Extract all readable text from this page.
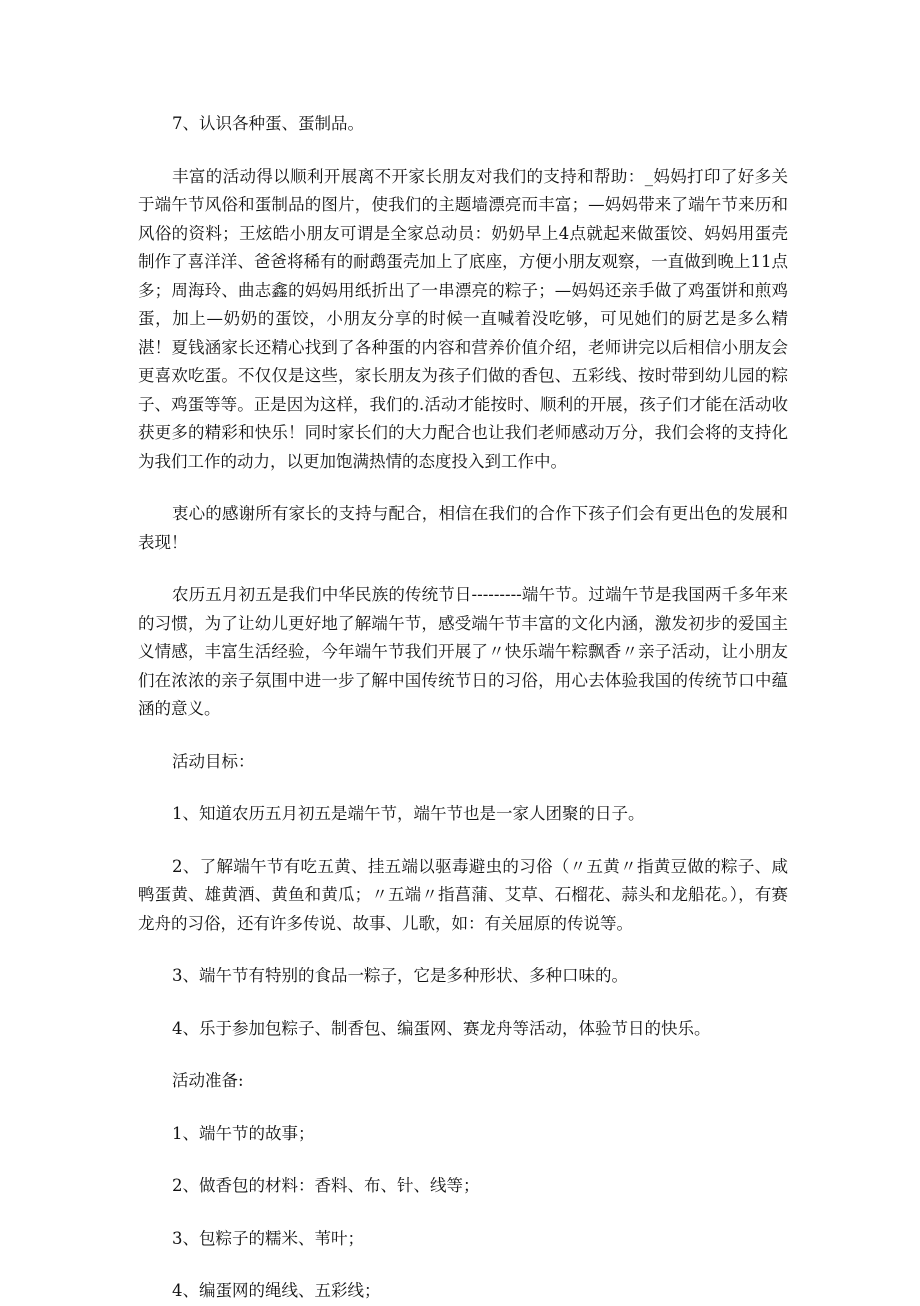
7、认识各种蛋、蛋制品。

丰富的活动得以顺利开展离不开家长朋友对我们的支持和帮助：_妈妈打印了好多关于端午节风俗和蛋制品的图片，使我们的主题墙漂亮而丰富；—妈妈带来了端午节来历和风俗的资料；王炫皓小朋友可谓是全家总动员：奶奶早上4点就起来做蛋饺、妈妈用蛋壳制作了喜洋洋、爸爸将稀有的耐鹉蛋壳加上了底座，方便小朋友观察，一直做到晚上11点多；周海玲、曲志鑫的妈妈用纸折出了一串漂亮的粽子；—妈妈还亲手做了鸡蛋饼和煎鸡蛋，加上—奶奶的蛋饺，小朋友分享的时候一直喊着没吃够，可见她们的厨艺是多么精湛！夏钱涵家长还精心找到了各种蛋的内容和营养价值介绍，老师讲完以后相信小朋友会更喜欢吃蛋。不仅仅是这些，家长朋友为孩子们做的香包、五彩线、按时带到幼儿园的粽子、鸡蛋等等。正是因为这样，我们的.活动才能按时、顺利的开展，孩子们才能在活动收获更多的精彩和快乐！同时家长们的大力配合也让我们老师感动万分，我们会将的支持化为我们工作的动力，以更加饱满热情的态度投入到工作中。

衷心的感谢所有家长的支持与配合，相信在我们的合作下孩子们会有更出色的发展和表现！

农历五月初五是我们中华民族的传统节日---------端午节。过端午节是我国两千多年来的习惯，为了让幼儿更好地了解端午节，感受端午节丰富的文化内涵，激发初步的爱国主义情感，丰富生活经验，今年端午节我们开展了〃快乐端午粽飘香〃亲子活动，让小朋友们在浓浓的亲子氛围中进一步了解中国传统节日的习俗，用心去体验我国的传统节口中蕴涵的意义。

活动目标：

1、知道农历五月初五是端午节，端午节也是一家人团聚的日子。

2、了解端午节有吃五黄、挂五端以驱毒避虫的习俗（〃五黄〃指黄豆做的粽子、咸鸭蛋黄、雄黄酒、黄鱼和黄瓜；〃五端〃指菖蒲、艾草、石榴花、蒜头和龙船花。），有赛龙舟的习俗，还有许多传说、故事、儿歌，如：有关屈原的传说等。

3、端午节有特别的食品一粽子，它是多种形状、多种口味的。

4、乐于参加包粽子、制香包、编蛋网、赛龙舟等活动，体验节日的快乐。

活动准备:

1、端午节的故事；

2、做香包的材料：香料、布、针、线等；

3、包粽子的糯米、苇叶；

4、编蛋网的绳线、五彩线；
